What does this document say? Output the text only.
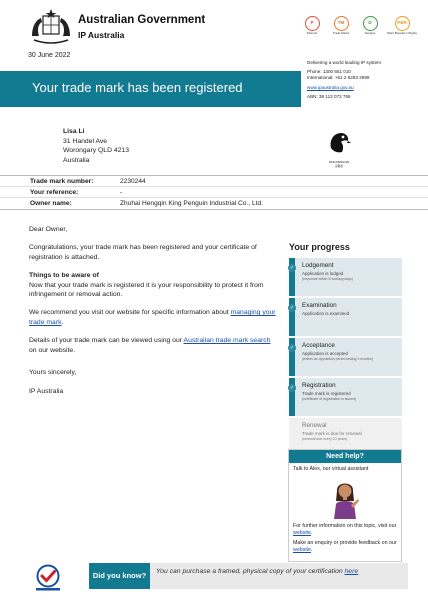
Australian Government
IP Australia
P
Patents
TM
Trade Marks
D
Designs
PBR
Plant Breeder's Rights
Delivering a world leading IP system
Phone: 1300 651 010
International: +61 2 6283 2999
www.ipaustralia.gov.au
ABN: 38 113 072 755
30 June 2022
Your trade mark has been registered
Lisa Li
31 Handel Ave
Worongary QLD 4213
Australia	KING PENGUIN
企鹅皇
Trade mark number:	2230244
Your reference:	-
Owner name:	Zhuhai Hengqin King Penguin Industrial Co., Ltd.

Dear Owner,

Congratulations, your trade mark has been registered and your certificate of registration is attached.

Things to be aware of

Now that your trade mark is registered it is your responsibility to protect it from infringement or removal action.

We recommend you visit our website for specific information about managing your trade mark.

Details of your trade mark can be viewed using our Australian trade mark search on our website.

Yours sincerely,
IP Australia
Your progress
✓	Lodgement
Application is lodged
(response within 5 working days)
✓	Examination
Application is examined
✓	Acceptance
Application is accepted
(enters an opposition period lasting 2 months)
✓	Registration
Trade mark is registered
(certificate of registration is issued)
Renewal
Trade mark is due for renewal
(renewal due every 10 years)
Need help?
Talk to Alex, our virtual assistant
For further information on this topic, visit our website.
Make an enquiry or provide feedback on our website.
Did you know?	You can purchase a framed, physical copy of your certification here
